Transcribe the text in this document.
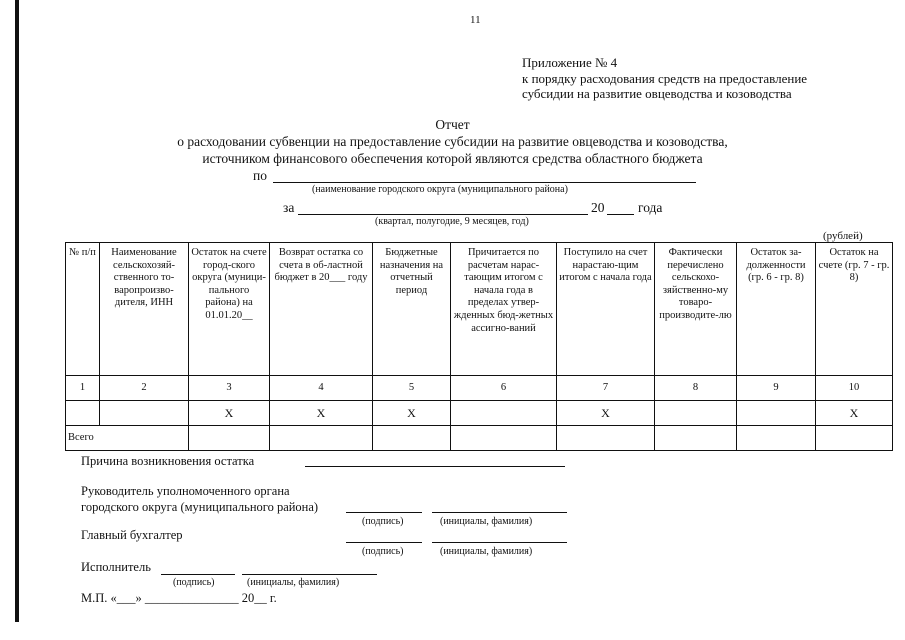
11
Приложение № 4
к порядку расходования средств на предоставление
субсидии на развитие овцеводства и козоводства
Отчет
о расходовании субвенции на предоставление субсидии на развитие овцеводства и козоводства,
источником финансового обеспечения которой являются средства областного бюджета
по
(наименование городского округа (муниципального района)
за	20 года
(квартал, полугодие, 9 месяцев, год)
(рублей)
№ п/п	Наименование сельскохозяй-ственного то-варопроизво-дителя, ИНН	Остаток на счете город-ского округа (муници-пального района) на 01.01.20__	Возврат остатка со счета в об-ластной бюджет в 20___ году	Бюджетные назначения на отчетный период	Причитается по расчетам нарас-тающим итогом с начала года в пределах утвер-жденных бюд-жетных ассигно-ваний	Поступило на счет нарастаю-щим итогом с начала года	Фактически перечислено сельскохо-зяйственно-му товаро-производите-лю	Остаток за-долженности (гр. 6 - гр. 8)	Остаток на счете (гр. 7 - гр. 8)
1	2	3	4	5	6	7	8	9	10
		X	X	X		X			X
Всего									
Причина возникновения остатка
Руководитель уполномоченного органа
городского округа (муниципального района)
(подпись)	(инициалы, фамилия)
Главный бухгалтер
(подпись)	(инициалы, фамилия)
Исполнитель
(подпись)	(инициалы, фамилия)
М.П. «___» _______________ 20__ г.
